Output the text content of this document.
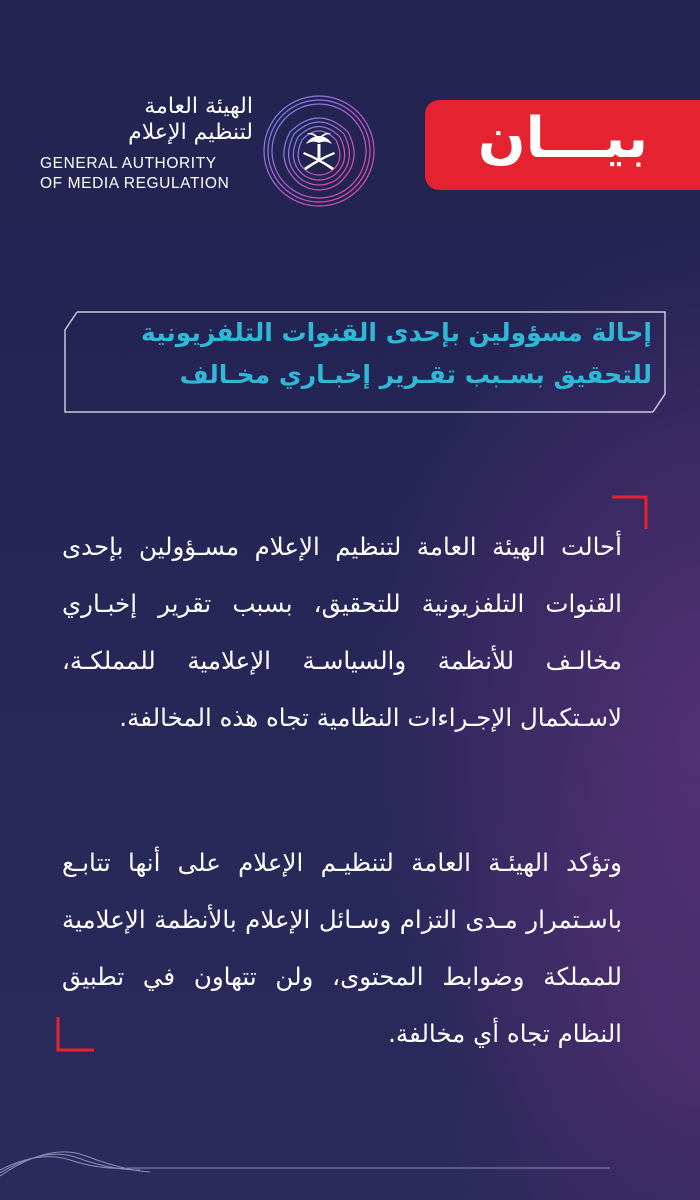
الهيئة العامة
لتنظيم الإعلام
GENERAL AUTHORITY
OF MEDIA REGULATION
بيـــان
إحالة مسؤولين بإحدى القنوات التلفزيونية
للتحقيق بسـبب تقـرير إخبـاري مخـالف
أحالت الهيئة العامة لتنظيم الإعلام مسـؤولين بإحدى القنوات التلفزيونية للتحقيق، بسبب تقرير إخبـاري مخالـف للأنظمة والسياسـة الإعلامية للمملكـة، لاسـتكمال الإجـراءات النظامية تجاه هذه المخالفة.
وتؤكد الهيئـة العامة لتنظيـم الإعلام على أنها تتابـع باسـتمرار مـدى التزام وسـائل الإعلام بالأنظمة الإعلامية للمملكة وضوابط المحتوى، ولن تتهاون في تطبيق النظام تجاه أي مخالفة.
